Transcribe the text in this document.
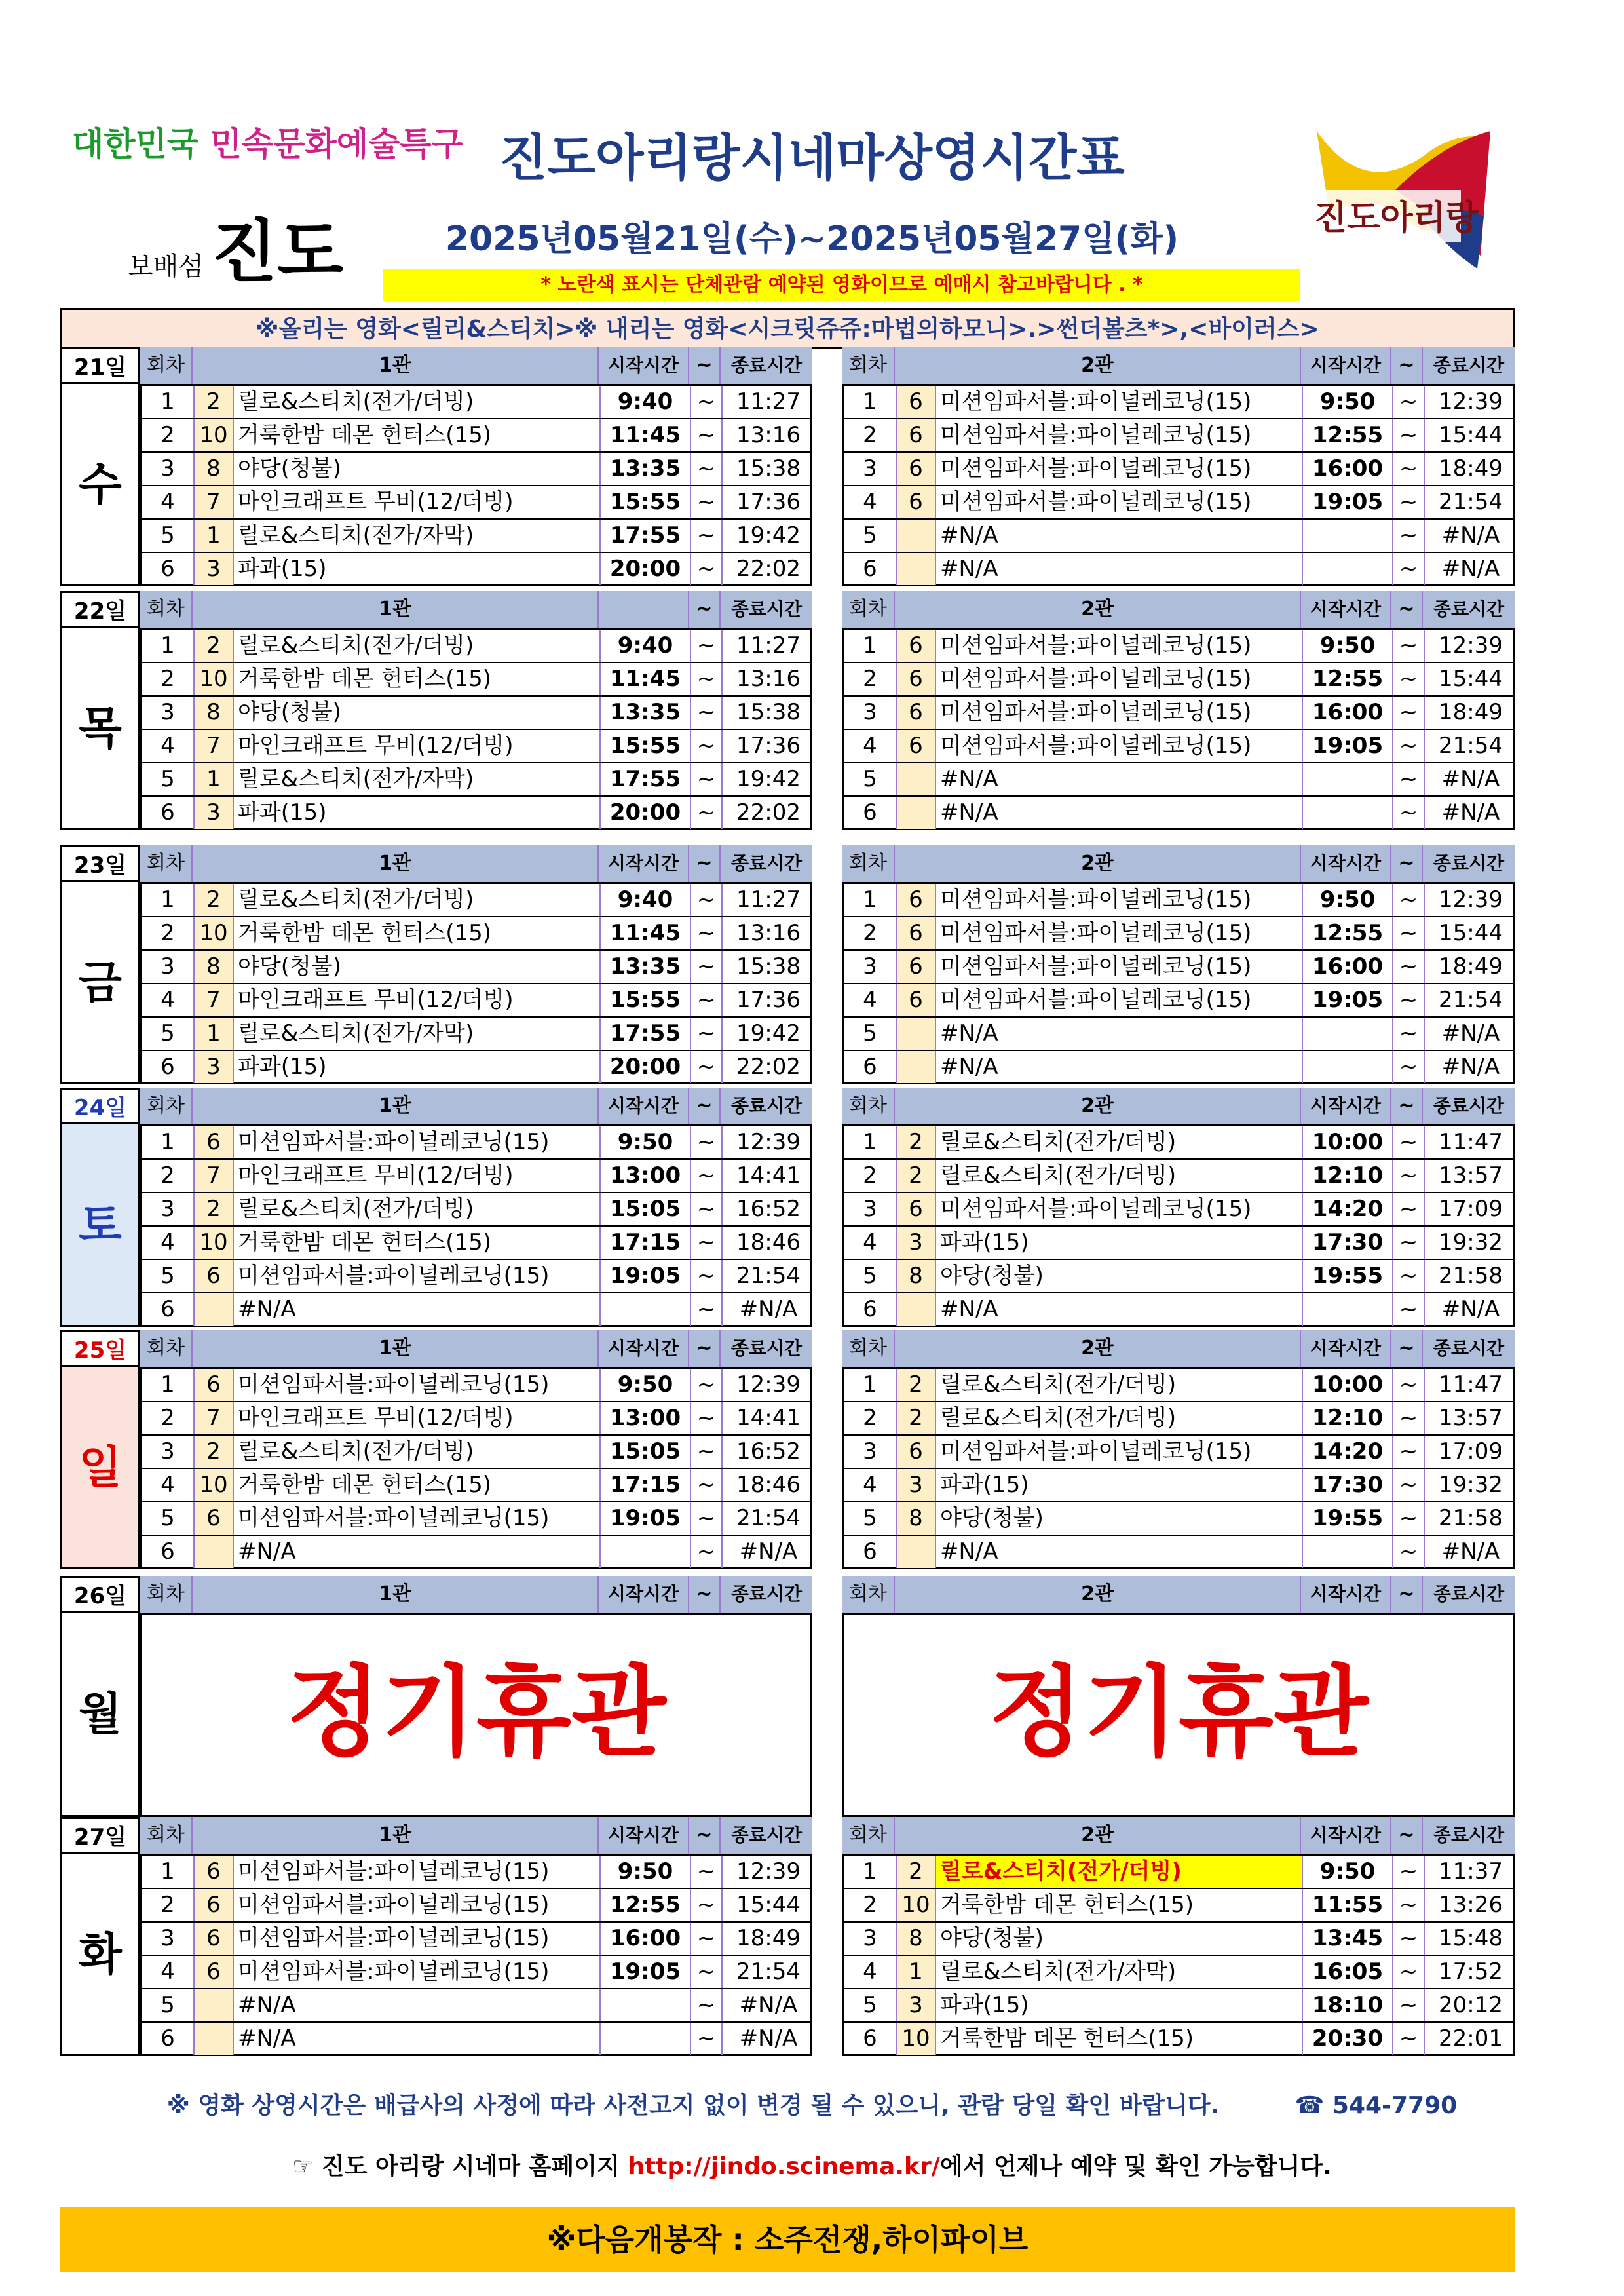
대한민국 민속문화예술특구
보배섬 진도	진도아리랑
진도아리랑시네마상영시간표
2025년05월21일(수)~2025년05월27일(화)
* 노란색 표시는 단체관람 예약된 영화이므로 예매시 참고바랍니다 . *
※올리는 영화<릴리&스티치>※ 내리는 영화<시크릿쥬쥬:마법의하모니>.>썬더볼츠*>,<바이러스>
21일	회차	1관	시작시간 ~	종료시간	회차	2관	시작시간 ~	종료시간
수
1	2 릴로&스티치(전가/더빙)	9:40	~ 11:27
2	10 거룩한밤 데몬 헌터스(15)	11:45 ~ 13:16
3	8 야당(청불)	13:35 ~ 15:38
4	7 마인크래프트 무비(12/더빙)	15:55 ~ 17:36
5	1 릴로&스티치(전가/자막)	17:55 ~ 19:42
6	3 파과(15)	20:00 ~ 22:02
1	6 미션임파서블:파이널레코닝(15)	9:50	~ 12:39
2	6 미션임파서블:파이널레코닝(15)	12:55 ~ 15:44
3	6 미션임파서블:파이널레코닝(15)	16:00 ~ 18:49
4	6 미션임파서블:파이널레코닝(15)	19:05 ~ 21:54
5	#N/A	~	#N/A
6	#N/A	~	#N/A
22일	회차	1관	~	종료시간	회차	2관	시작시간 ~	종료시간
목
1	2 릴로&스티치(전가/더빙)	9:40	~ 11:27
2	10 거룩한밤 데몬 헌터스(15)	11:45 ~ 13:16
3	8 야당(청불)	13:35 ~ 15:38
4	7 마인크래프트 무비(12/더빙)	15:55 ~ 17:36
5	1 릴로&스티치(전가/자막)	17:55 ~ 19:42
6	3 파과(15)	20:00 ~ 22:02
1	6 미션임파서블:파이널레코닝(15)	9:50	~ 12:39
2	6 미션임파서블:파이널레코닝(15)	12:55 ~ 15:44
3	6 미션임파서블:파이널레코닝(15)	16:00 ~ 18:49
4	6 미션임파서블:파이널레코닝(15)	19:05 ~ 21:54
5	#N/A	~	#N/A
6	#N/A	~	#N/A
23일	회차	1관	시작시간 ~	종료시간	회차	2관	시작시간 ~	종료시간
금
1	2 릴로&스티치(전가/더빙)	9:40	~ 11:27
2	10 거룩한밤 데몬 헌터스(15)	11:45 ~ 13:16
3	8 야당(청불)	13:35 ~ 15:38
4	7 마인크래프트 무비(12/더빙)	15:55 ~ 17:36
5	1 릴로&스티치(전가/자막)	17:55 ~ 19:42
6	3 파과(15)	20:00 ~ 22:02
1	6 미션임파서블:파이널레코닝(15)	9:50	~ 12:39
2	6 미션임파서블:파이널레코닝(15)	12:55 ~ 15:44
3	6 미션임파서블:파이널레코닝(15)	16:00 ~ 18:49
4	6 미션임파서블:파이널레코닝(15)	19:05 ~ 21:54
5	#N/A	~	#N/A
6	#N/A	~	#N/A
24일	회차	1관	시작시간 ~	종료시간	회차	2관	시작시간 ~	종료시간
토
1	6 미션임파서블:파이널레코닝(15)	9:50	~ 12:39
2	7 마인크래프트 무비(12/더빙)	13:00 ~ 14:41
3	2 릴로&스티치(전가/더빙)	15:05 ~ 16:52
4	10 거룩한밤 데몬 헌터스(15)	17:15 ~ 18:46
5	6 미션임파서블:파이널레코닝(15)	19:05 ~ 21:54
6	#N/A	~	#N/A
1	2 릴로&스티치(전가/더빙)	10:00 ~ 11:47
2	2 릴로&스티치(전가/더빙)	12:10 ~ 13:57
3	6 미션임파서블:파이널레코닝(15)	14:20 ~ 17:09
4	3 파과(15)	17:30 ~ 19:32
5	8 야당(청불)	19:55 ~ 21:58
6	#N/A	~	#N/A
25일	회차	1관	시작시간 ~	종료시간	회차	2관	시작시간 ~	종료시간
일
1	6 미션임파서블:파이널레코닝(15)	9:50	~ 12:39
2	7 마인크래프트 무비(12/더빙)	13:00 ~ 14:41
3	2 릴로&스티치(전가/더빙)	15:05 ~ 16:52
4	10 거룩한밤 데몬 헌터스(15)	17:15 ~ 18:46
5	6 미션임파서블:파이널레코닝(15)	19:05 ~ 21:54
6	#N/A	~	#N/A
1	2 릴로&스티치(전가/더빙)	10:00 ~ 11:47
2	2 릴로&스티치(전가/더빙)	12:10 ~ 13:57
3	6 미션임파서블:파이널레코닝(15)	14:20 ~ 17:09
4	3 파과(15)	17:30 ~ 19:32
5	8 야당(청불)	19:55 ~ 21:58
6	#N/A	~	#N/A
26일	회차	1관	시작시간 ~	종료시간	회차	2관	시작시간 ~	종료시간
월	정기휴관	정기휴관
27일	회차	1관	시작시간 ~	종료시간	회차	2관	시작시간 ~	종료시간
화
1	6 미션임파서블:파이널레코닝(15)	9:50	~ 12:39
2	6 미션임파서블:파이널레코닝(15)	12:55 ~ 15:44
3	6 미션임파서블:파이널레코닝(15)	16:00 ~ 18:49
4	6 미션임파서블:파이널레코닝(15)	19:05 ~ 21:54
5	#N/A	~	#N/A
6	#N/A	~	#N/A
1	2 릴로&스티치(전가/더빙)	9:50	~ 11:37
2	10 거룩한밤 데몬 헌터스(15)	11:55 ~ 13:26
3	8 야당(청불)	13:45 ~ 15:48
4	1 릴로&스티치(전가/자막)	16:05 ~ 17:52
5	3 파과(15)	18:10 ~ 20:12
6	10 거룩한밤 데몬 헌터스(15)	20:30 ~ 22:01
※ 영화 상영시간은 배급사의 사정에 따라 사전고지 없이 변경 될 수 있으니, 관람 당일 확인 바랍니다.	☎ 544-7790
☞ 진도 아리랑 시네마 홈페이지 http://jindo.scinema.kr/에서 언제나 예약 및 확인 가능합니다.
※다음개봉작 : 소주전쟁,하이파이브
